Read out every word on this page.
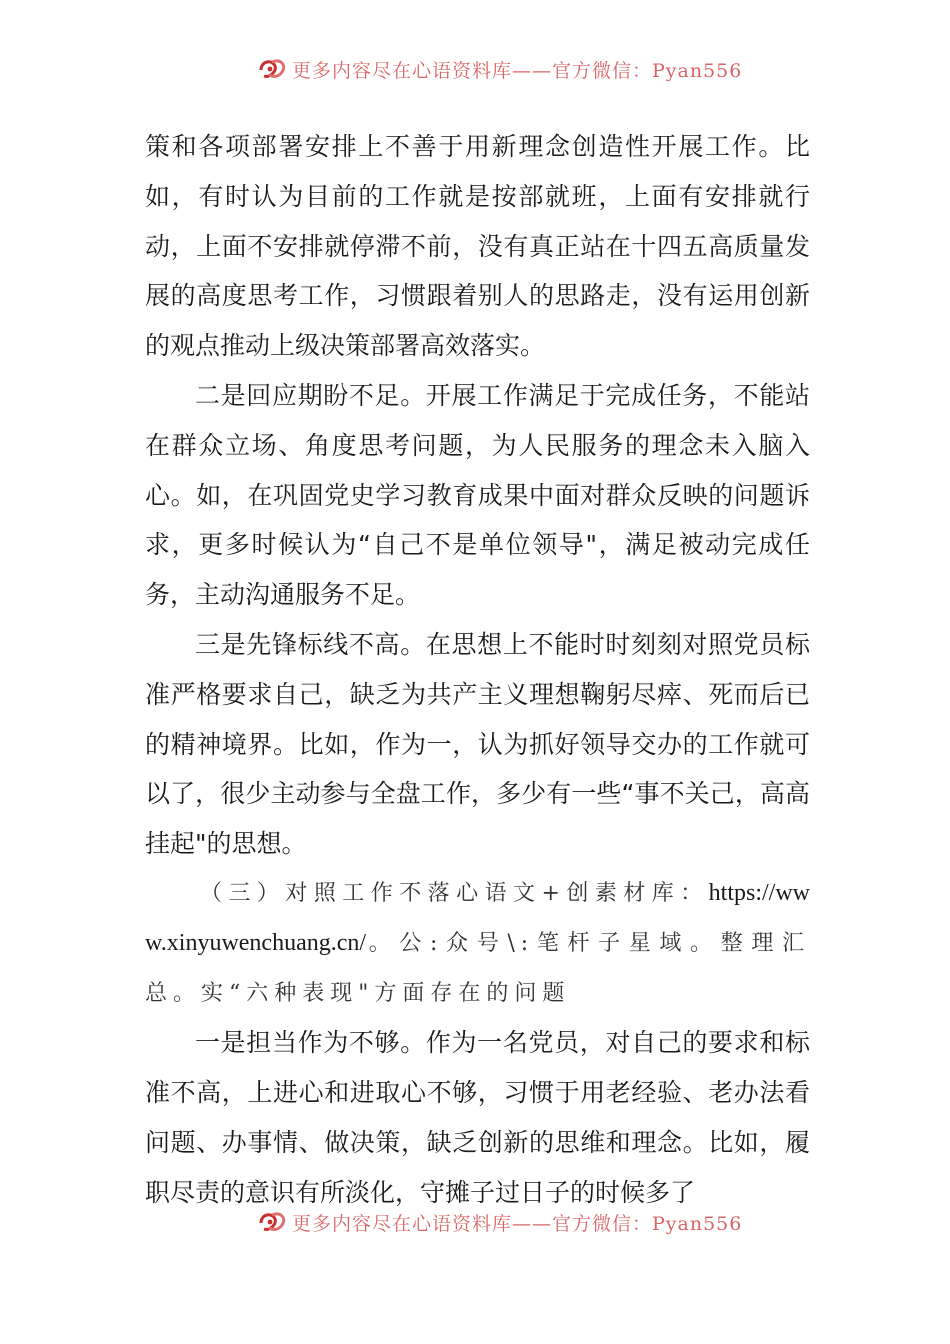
更多内容尽在心语资料库——官方微信：Pyan556

策和各项部署安排上不善于用新理念创造性开展工作。比如，有时认为目前的工作就是按部就班，上面有安排就行动，上面不安排就停滞不前，没有真正站在十四五高质量发展的高度思考工作，习惯跟着别人的思路走，没有运用创新的观点推动上级决策部署高效落实。

二是回应期盼不足。开展工作满足于完成任务，不能站在群众立场、角度思考问题，为人民服务的理念未入脑入心。如，在巩固党史学习教育成果中面对群众反映的问题诉求，更多时候认为“自己不是单位领导"，满足被动完成任务，主动沟通服务不足。

三是先锋标线不高。在思想上不能时时刻刻对照党员标准严格要求自己，缺乏为共产主义理想鞠躬尽瘁、死而后已的精神境界。比如，作为一，认为抓好领导交办的工作就可以了，很少主动参与全盘工作，多少有一些“事不关己，高高挂起"的思想。

（三）对照工作不落心语文+创素材库：https://www.xinyuwenchuang.cn/。公:众号\:笔杆子星域。整理汇总。实“六种表现"方面存在的问题

一是担当作为不够。作为一名党员，对自己的要求和标准不高，上进心和进取心不够，习惯于用老经验、老办法看问题、办事情、做决策，缺乏创新的思维和理念。比如，履职尽责的意识有所淡化，守摊子过日子的时候多了

更多内容尽在心语资料库——官方微信：Pyan556
